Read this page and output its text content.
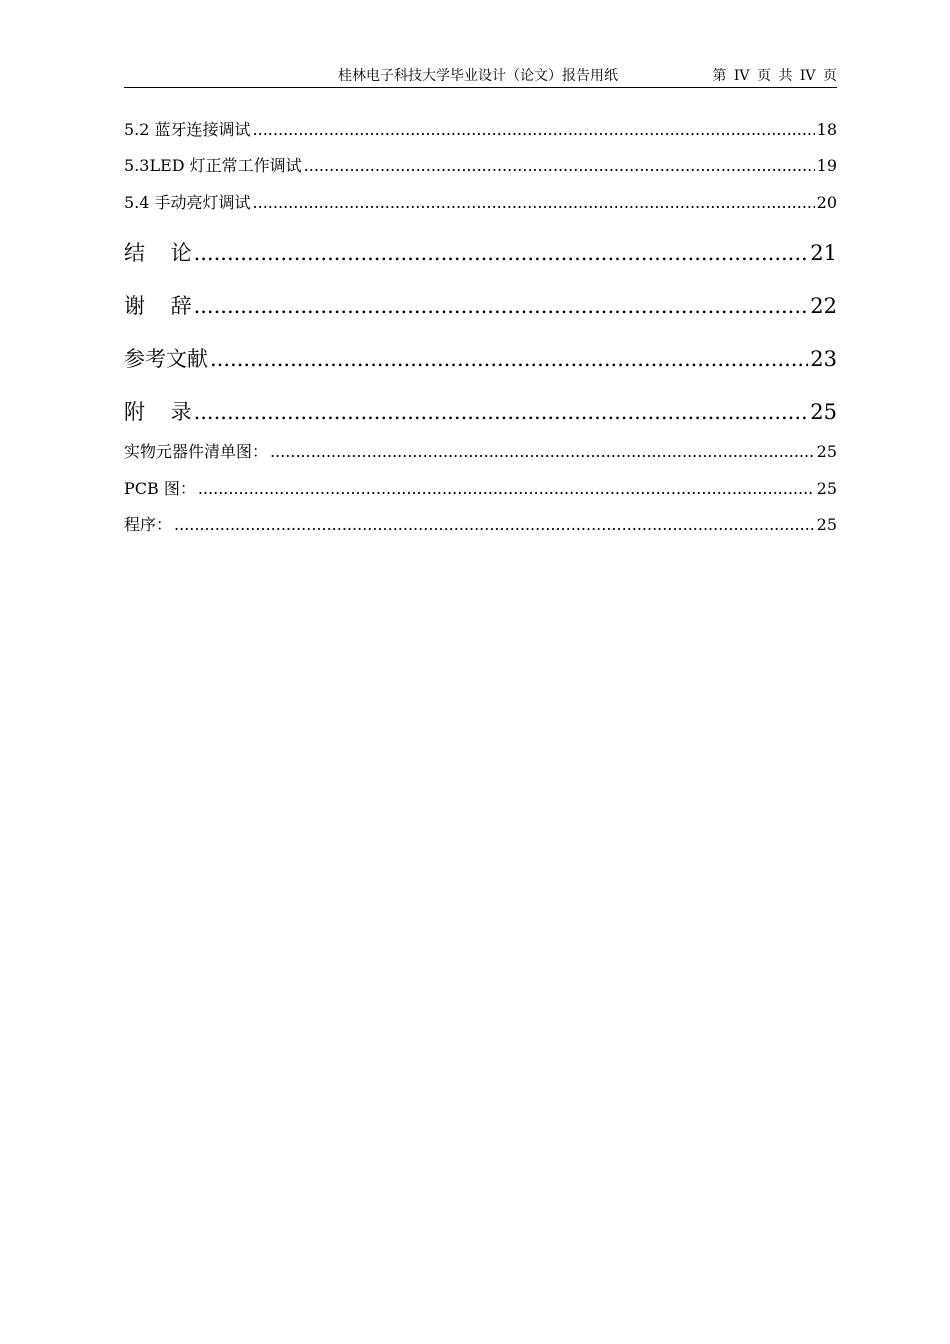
桂林电子科技大学毕业设计（论文）报告用纸	第 IV 页 共 IV 页
5.2 蓝牙连接调试 .....	18
5.3LED 灯正常工作调试 .....	19
5.4 手动亮灯调试 .....	20
结 论 .....	21
谢 辞 .....	22
参考文献 .....	23
附 录 .....	25
实物元器件清单图： .....	25
PCB 图： .....	25
程序： .....	25
